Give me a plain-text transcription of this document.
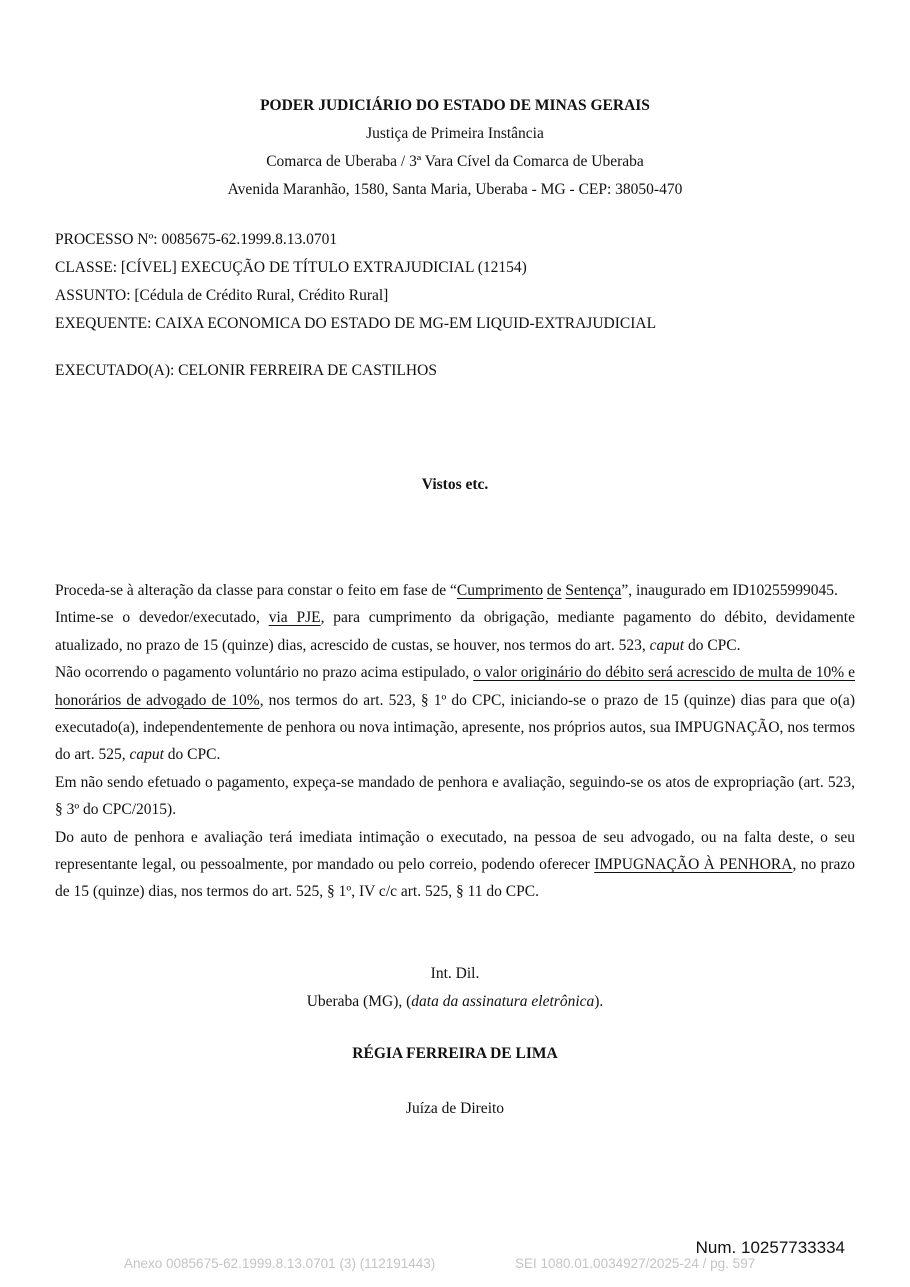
PODER JUDICIÁRIO DO ESTADO DE MINAS GERAIS
Justiça de Primeira Instância
Comarca de Uberaba / 3ª Vara Cível da Comarca de Uberaba
Avenida Maranhão, 1580, Santa Maria, Uberaba - MG - CEP: 38050-470
PROCESSO Nº: 0085675-62.1999.8.13.0701
CLASSE: [CÍVEL] EXECUÇÃO DE TÍTULO EXTRAJUDICIAL (12154)
ASSUNTO: [Cédula de Crédito Rural, Crédito Rural]
EXEQUENTE: CAIXA ECONOMICA DO ESTADO DE MG-EM LIQUID-EXTRAJUDICIAL
EXECUTADO(A): CELONIR FERREIRA DE CASTILHOS
Vistos etc.

Proceda-se à alteração da classe para constar o feito em fase de “Cumprimento de Sentença”, inaugurado em ID10255999045.

Intime-se o devedor/executado, via PJE, para cumprimento da obrigação, mediante pagamento do débito, devidamente atualizado, no prazo de 15 (quinze) dias, acrescido de custas, se houver, nos termos do art. 523, caput do CPC.

Não ocorrendo o pagamento voluntário no prazo acima estipulado, o valor originário do débito será acrescido de multa de 10% e honorários de advogado de 10%, nos termos do art. 523, § 1º do CPC, iniciando-se o prazo de 15 (quinze) dias para que o(a) executado(a), independentemente de penhora ou nova intimação, apresente, nos próprios autos, sua IMPUGNAÇÃO, nos termos do art. 525, caput do CPC.

Em não sendo efetuado o pagamento, expeça-se mandado de penhora e avaliação, seguindo-se os atos de expropriação (art. 523, § 3º do CPC/2015).

Do auto de penhora e avaliação terá imediata intimação o executado, na pessoa de seu advogado, ou na falta deste, o seu representante legal, ou pessoalmente, por mandado ou pelo correio, podendo oferecer IMPUGNAÇÃO À PENHORA, no prazo de 15 (quinze) dias, nos termos do art. 525, § 1º, IV c/c art. 525, § 11 do CPC.

Int. Dil.
Uberaba (MG), (data da assinatura eletrônica).
RÉGIA FERREIRA DE LIMA
Juíza de Direito
Num. 10257733334
Anexo 0085675-62.1999.8.13.0701 (3) (112191443)	SEI 1080.01.0034927/2025-24 / pg. 597
